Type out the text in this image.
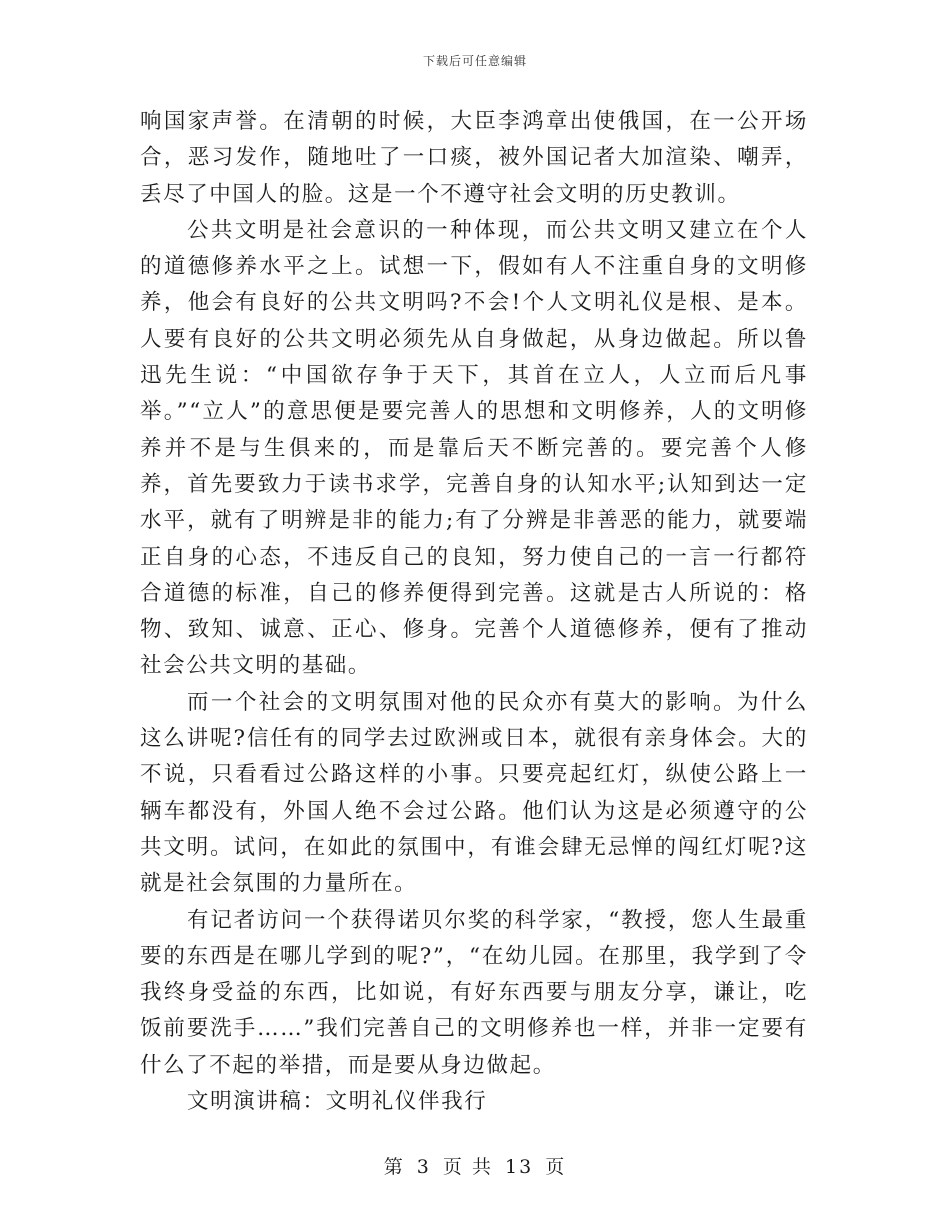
下载后可任意编辑

响国家声誉。在清朝的时候，大臣李鸿章出使俄国，在一公开场合，恶习发作，随地吐了一口痰，被外国记者大加渲染、嘲弄，丢尽了中国人的脸。这是一个不遵守社会文明的历史教训。

公共文明是社会意识的一种体现，而公共文明又建立在个人的道德修养水平之上。试想一下，假如有人不注重自身的文明修养，他会有良好的公共文明吗?不会!个人文明礼仪是根、是本。人要有良好的公共文明必须先从自身做起，从身边做起。所以鲁迅先生说：“中国欲存争于天下，其首在立人，人立而后凡事举。”“立人”的意思便是要完善人的思想和文明修养，人的文明修养并不是与生俱来的，而是靠后天不断完善的。要完善个人修养，首先要致力于读书求学，完善自身的认知水平;认知到达一定水平，就有了明辨是非的能力;有了分辨是非善恶的能力，就要端正自身的心态，不违反自己的良知，努力使自己的一言一行都符合道德的标准，自己的修养便得到完善。这就是古人所说的：格物、致知、诚意、正心、修身。完善个人道德修养，便有了推动社会公共文明的基础。

而一个社会的文明氛围对他的民众亦有莫大的影响。为什么这么讲呢?信任有的同学去过欧洲或日本，就很有亲身体会。大的不说，只看看过公路这样的小事。只要亮起红灯，纵使公路上一辆车都没有，外国人绝不会过公路。他们认为这是必须遵守的公共文明。试问，在如此的氛围中，有谁会肆无忌惮的闯红灯呢?这就是社会氛围的力量所在。

有记者访问一个获得诺贝尔奖的科学家，“教授，您人生最重要的东西是在哪儿学到的呢?”，“在幼儿园。在那里，我学到了令我终身受益的东西，比如说，有好东西要与朋友分享，谦让，吃饭前要洗手……”我们完善自己的文明修养也一样，并非一定要有什么了不起的举措，而是要从身边做起。

文明演讲稿：文明礼仪伴我行

第 3 页 共 13 页
